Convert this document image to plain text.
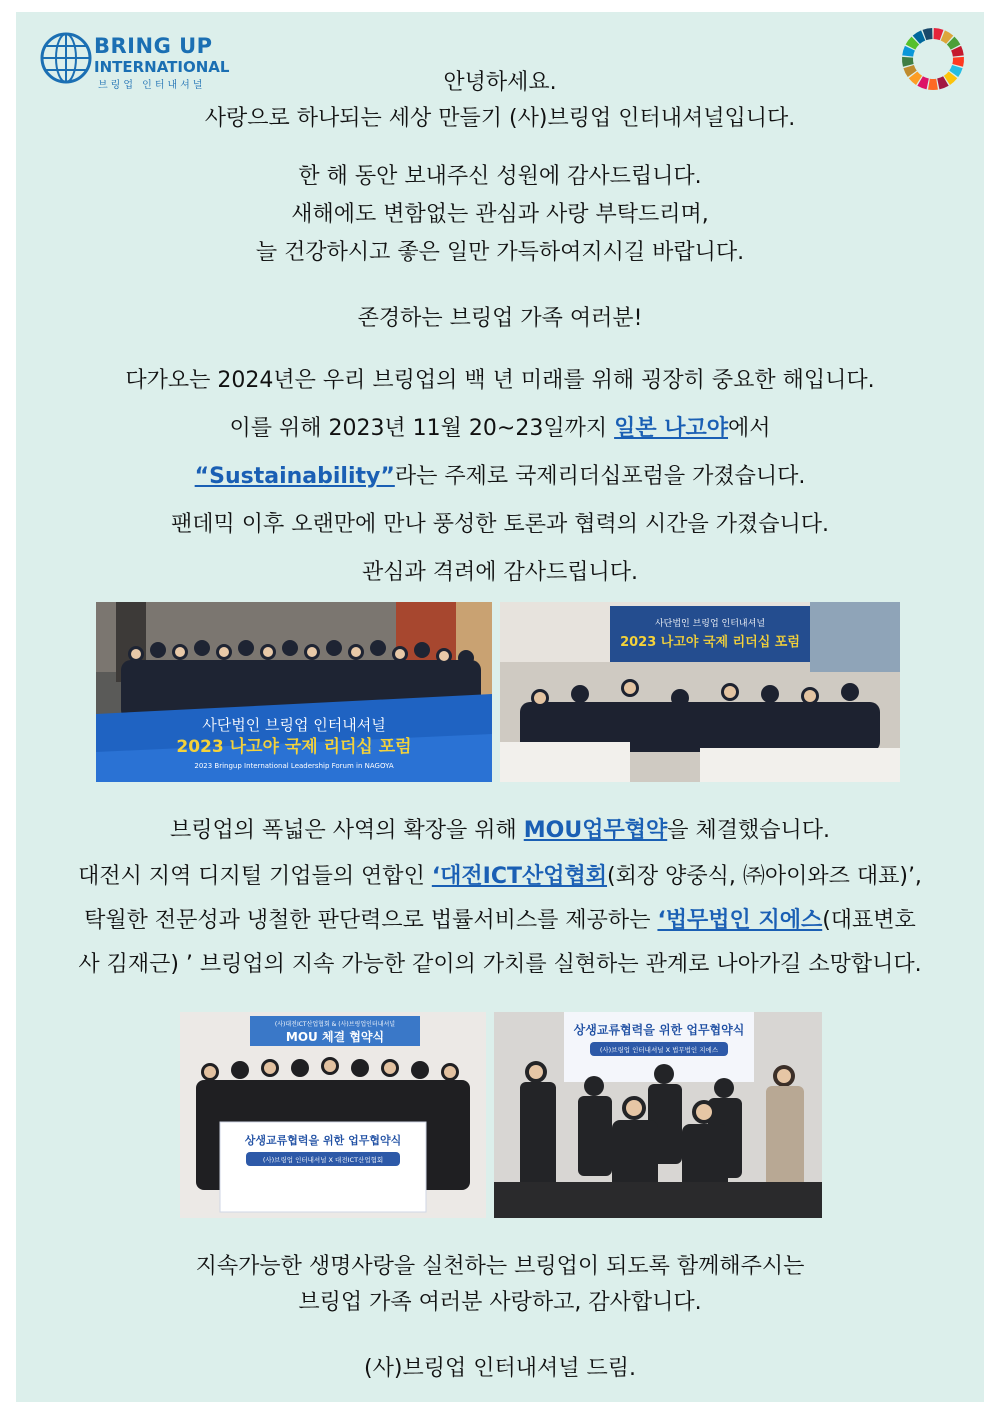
BRING UP
INTERNATIONAL
브링업 인터내셔널	안녕하세요.
사랑으로 하나되는 세상 만들기 (사)브링업 인터내셔널입니다.
한 해 동안 보내주신 성원에 감사드립니다.
새해에도 변함없는 관심과 사랑 부탁드리며,
늘 건강하시고 좋은 일만 가득하여지시길 바랍니다.
존경하는 브링업 가족 여러분!
다가오는 2024년은 우리 브링업의 백 년 미래를 위해 굉장히 중요한 해입니다.
이를 위해 2023년 11월 20~23일까지 일본 나고야에서
“Sustainability”라는 주제로 국제리더십포럼을 가졌습니다.
팬데믹 이후 오랜만에 만나 풍성한 토론과 협력의 시간을 가졌습니다.
관심과 격려에 감사드립니다.
사단법인 브링업 인터내셔널
2023 나고야 국제 리더십 포럼
2023 Bringup International Leadership Forum in NAGOYA
사단법인 브링업 인터내셔널
2023 나고야 국제 리더십 포럼
브링업의 폭넓은 사역의 확장을 위해 MOU업무협약을 체결했습니다.
대전시 지역 디지털 기업들의 연합인 ‘대전ICT산업협회(회장 양중식, ㈜아이와즈 대표)’,
탁월한 전문성과 냉철한 판단력으로 법률서비스를 제공하는 ‘법무법인 지에스(대표변호
사 김재근) ’ 브링업의 지속 가능한 같이의 가치를 실현하는 관계로 나아가길 소망합니다.
(사)대전ICT산업협회 & (사)브링업인터내셔널
MOU 체결 협약식
상생교류협력을 위한 업무협약식
(사)브링업 인터내셔널 X 대전ICT산업협회
상생교류협력을 위한 업무협약식
(사)브링업 인터내셔널 X 법무법인 지에스
지속가능한 생명사랑을 실천하는 브링업이 되도록 함께해주시는
브링업 가족 여러분 사랑하고, 감사합니다.
(사)브링업 인터내셔널 드림.
